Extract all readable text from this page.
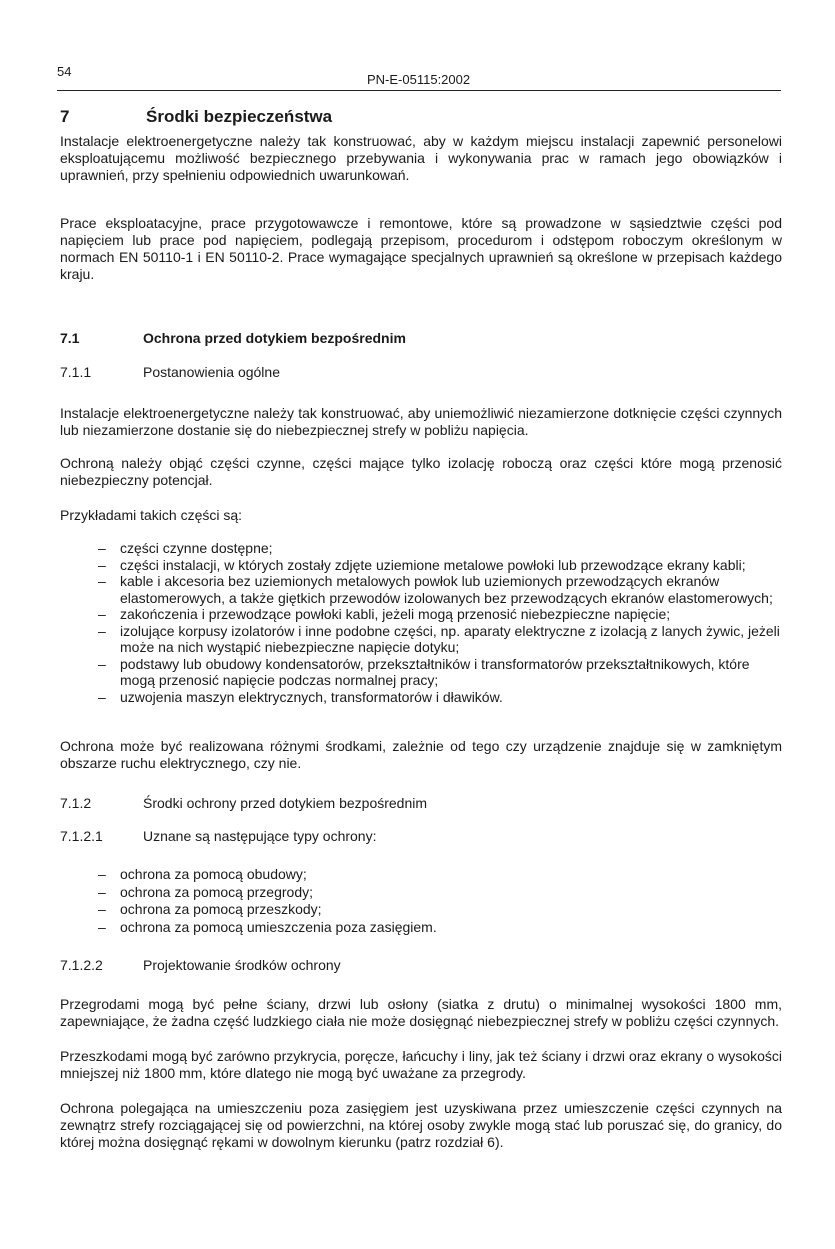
54
PN-E-05115:2002
7	Środki bezpieczeństwa

Instalacje elektroenergetyczne należy tak konstruować, aby w każdym miejscu instalacji zapewnić personelowi eksploatującemu możliwość bezpiecznego przebywania i wykonywania prac w ramach jego obowiązków i uprawnień, przy spełnieniu odpowiednich uwarunkowań.

Prace eksploatacyjne, prace przygotowawcze i remontowe, które są prowadzone w sąsiedztwie części pod napięciem lub prace pod napięciem, podlegają przepisom, procedurom i odstępom roboczym określonym w normach EN 50110-1 i EN 50110-2. Prace wymagające specjalnych uprawnień są określone w przepisach każdego kraju.

7.1	Ochrona przed dotykiem bezpośrednim
7.1.1	Postanowienia ogólne

Instalacje elektroenergetyczne należy tak konstruować, aby uniemożliwić niezamierzone dotknięcie części czynnych lub niezamierzone dostanie się do niebezpiecznej strefy w pobliżu napięcia.

Ochroną należy objąć części czynne, części mające tylko izolację roboczą oraz części które mogą przenosić niebezpieczny potencjał.

Przykładami takich części są:

– części czynne dostępne;
– części instalacji, w których zostały zdjęte uziemione metalowe powłoki lub przewodzące ekrany kabli;
– kable i akcesoria bez uziemionych metalowych powłok lub uziemionych przewodzących ekranów elastomerowych, a także giętkich przewodów izolowanych bez przewodzących ekranów elastomerowych;
– zakończenia i przewodzące powłoki kabli, jeżeli mogą przenosić niebezpieczne napięcie;
– izolujące korpusy izolatorów i inne podobne części, np. aparaty elektryczne z izolacją z lanych żywic, jeżeli może na nich wystąpić niebezpieczne napięcie dotyku;
– podstawy lub obudowy kondensatorów, przekształtników i transformatorów przekształtnikowych, które mogą przenosić napięcie podczas normalnej pracy;
– uzwojenia maszyn elektrycznych, transformatorów i dławików.

Ochrona może być realizowana różnymi środkami, zależnie od tego czy urządzenie znajduje się w zamkniętym obszarze ruchu elektrycznego, czy nie.

7.1.2	Środki ochrony przed dotykiem bezpośrednim
7.1.2.1	Uznane są następujące typy ochrony:
– ochrona za pomocą obudowy;
– ochrona za pomocą przegrody;
– ochrona za pomocą przeszkody;
– ochrona za pomocą umieszczenia poza zasięgiem.
7.1.2.2	Projektowanie środków ochrony

Przegrodami mogą być pełne ściany, drzwi lub osłony (siatka z drutu) o minimalnej wysokości 1800 mm, zapewniające, że żadna część ludzkiego ciała nie może dosięgnąć niebezpiecznej strefy w pobliżu części czynnych.

Przeszkodami mogą być zarówno przykrycia, poręcze, łańcuchy i liny, jak też ściany i drzwi oraz ekrany o wysokości mniejszej niż 1800 mm, które dlatego nie mogą być uważane za przegrody.

Ochrona polegająca na umieszczeniu poza zasięgiem jest uzyskiwana przez umieszczenie części czynnych na zewnątrz strefy rozciągającej się od powierzchni, na której osoby zwykle mogą stać lub poruszać się, do granicy, do której można dosięgnąć rękami w dowolnym kierunku (patrz rozdział 6).
